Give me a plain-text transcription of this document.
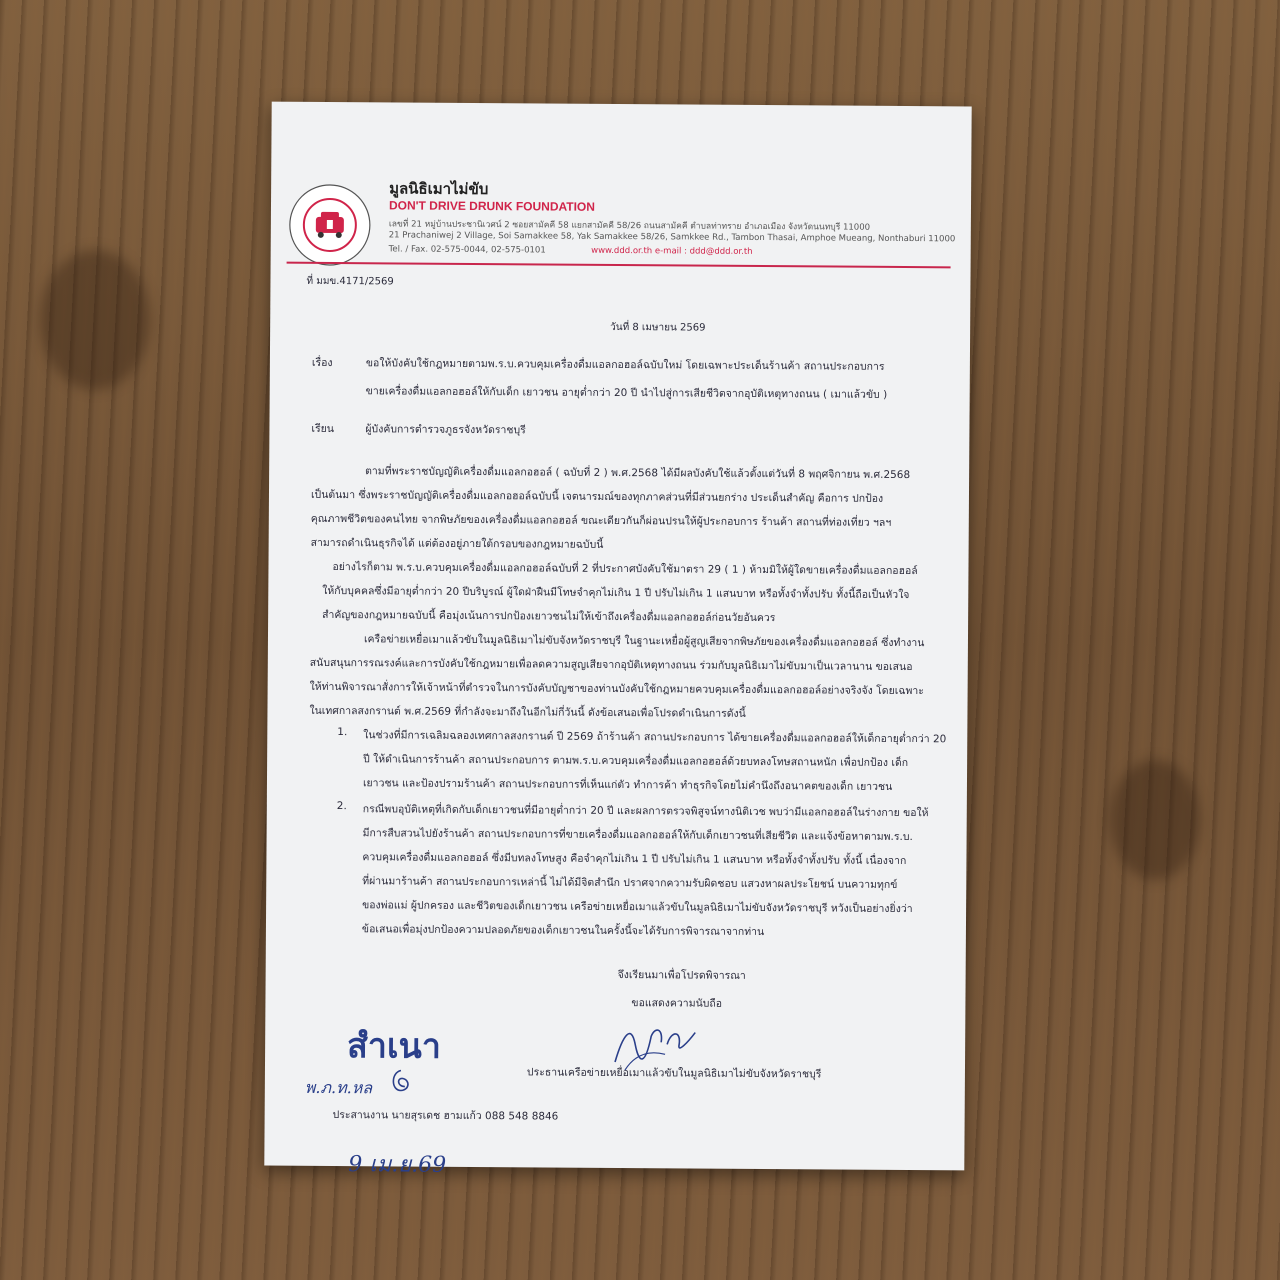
มูลนิธิเมาไม่ขับ
DON'T DRIVE DRUNK FOUNDATION
เลขที่ 21 หมู่บ้านประชานิเวศน์ 2 ซอยสามัคคี 58 แยกสามัคคี 58/26 ถนนสามัคคี ตำบลท่าทราย อำเภอเมือง จังหวัดนนทบุรี 11000
21 Prachaniwej 2 Village, Soi Samakkee 58, Yak Samakkee 58/26, Samkkee Rd., Tambon Thasai, Amphoe Mueang, Nonthaburi 11000
Tel. / Fax. 02-575-0044, 02-575-0101	www.ddd.or.th e-mail : ddd@ddd.or.th
ที่ มมข.4171/2569
วันที่ 8 เมษายน 2569
เรื่อง	ขอให้บังคับใช้กฎหมายตามพ.ร.บ.ควบคุมเครื่องดื่มแอลกอฮอล์ฉบับใหม่ โดยเฉพาะประเด็นร้านค้า สถานประกอบการ
ขายเครื่องดื่มแอลกอฮอล์ให้กับเด็ก เยาวชน อายุต่ำกว่า 20 ปี นำไปสู่การเสียชีวิตจากอุบัติเหตุทางถนน ( เมาแล้วขับ )
เรียน	ผู้บังคับการตำรวจภูธรจังหวัดราชบุรี
ตามที่พระราชบัญญัติเครื่องดื่มแอลกอฮอล์ ( ฉบับที่ 2 ) พ.ศ.2568 ได้มีผลบังคับใช้แล้วตั้งแต่วันที่ 8 พฤศจิกายน พ.ศ.2568
เป็นต้นมา ซึ่งพระราชบัญญัติเครื่องดื่มแอลกอฮอล์ฉบับนี้ เจตนารมณ์ของทุกภาคส่วนที่มีส่วนยกร่าง ประเด็นสำคัญ คือการ ปกป้อง
คุณภาพชีวิตของคนไทย จากพิษภัยของเครื่องดื่มแอลกอฮอล์ ขณะเดียวกันก็ผ่อนปรนให้ผู้ประกอบการ ร้านค้า สถานที่ท่องเที่ยว ฯลฯ
สามารถดำเนินธุรกิจได้ แต่ต้องอยู่ภายใต้กรอบของกฎหมายฉบับนี้
อย่างไรก็ตาม พ.ร.บ.ควบคุมเครื่องดื่มแอลกอฮอล์ฉบับที่ 2 ที่ประกาศบังคับใช้มาตรา 29 ( 1 ) ห้ามมิให้ผู้ใดขายเครื่องดื่มแอลกอฮอล์
ให้กับบุคคลซึ่งมีอายุต่ำกว่า 20 ปีบริบูรณ์ ผู้ใดฝ่าฝืนมีโทษจำคุกไม่เกิน 1 ปี ปรับไม่เกิน 1 แสนบาท หรือทั้งจำทั้งปรับ ทั้งนี้ถือเป็นหัวใจ
สำคัญของกฎหมายฉบับนี้ คือมุ่งเน้นการปกป้องเยาวชนไม่ให้เข้าถึงเครื่องดื่มแอลกอฮอล์ก่อนวัยอันควร
เครือข่ายเหยื่อเมาแล้วขับในมูลนิธิเมาไม่ขับจังหวัดราชบุรี ในฐานะเหยื่อผู้สูญเสียจากพิษภัยของเครื่องดื่มแอลกอฮอล์ ซึ่งทำงาน
สนับสนุนการรณรงค์และการบังคับใช้กฎหมายเพื่อลดความสูญเสียจากอุบัติเหตุทางถนน ร่วมกับมูลนิธิเมาไม่ขับมาเป็นเวลานาน ขอเสนอ
ให้ท่านพิจารณาสั่งการให้เจ้าหน้าที่ตำรวจในการบังคับบัญชาของท่านบังคับใช้กฎหมายควบคุมเครื่องดื่มแอลกอฮอล์อย่างจริงจัง โดยเฉพาะ
ในเทศกาลสงกรานต์ พ.ศ.2569 ที่กำลังจะมาถึงในอีกไม่กี่วันนี้ ดังข้อเสนอเพื่อโปรดดำเนินการดังนี้
1. ในช่วงที่มีการเฉลิมฉลองเทศกาลสงกรานต์ ปี 2569 ถ้าร้านค้า สถานประกอบการ ได้ขายเครื่องดื่มแอลกอฮอล์ให้เด็กอายุต่ำกว่า 20
ปี ให้ดำเนินการร้านค้า สถานประกอบการ ตามพ.ร.บ.ควบคุมเครื่องดื่มแอลกอฮอล์ด้วยบทลงโทษสถานหนัก เพื่อปกป้อง เด็ก
เยาวชน และป้องปรามร้านค้า สถานประกอบการที่เห็นแก่ตัว ทำการค้า ทำธุรกิจโดยไม่คำนึงถึงอนาคตของเด็ก เยาวชน
2. กรณีพบอุบัติเหตุที่เกิดกับเด็กเยาวชนที่มีอายุต่ำกว่า 20 ปี และผลการตรวจพิสูจน์ทางนิติเวช พบว่ามีแอลกอฮอล์ในร่างกาย ขอให้
มีการสืบสวนไปยังร้านค้า สถานประกอบการที่ขายเครื่องดื่มแอลกอฮอล์ให้กับเด็กเยาวชนที่เสียชีวิต และแจ้งข้อหาตามพ.ร.บ.
ควบคุมเครื่องดื่มแอลกอฮอล์ ซึ่งมีบทลงโทษสูง คือจำคุกไม่เกิน 1 ปี ปรับไม่เกิน 1 แสนบาท หรือทั้งจำทั้งปรับ ทั้งนี้ เนื่องจาก
ที่ผ่านมาร้านค้า สถานประกอบการเหล่านี้ ไม่ได้มีจิตสำนึก ปราศจากความรับผิดชอบ แสวงหาผลประโยชน์ บนความทุกข์
ของพ่อแม่ ผู้ปกครอง และชีวิตของเด็กเยาวชน เครือข่ายเหยื่อเมาแล้วขับในมูลนิธิเมาไม่ขับจังหวัดราชบุรี หวังเป็นอย่างยิ่งว่า
ข้อเสนอเพื่อมุ่งปกป้องความปลอดภัยของเด็กเยาวชนในครั้งนี้จะได้รับการพิจารณาจากท่าน
จึงเรียนมาเพื่อโปรดพิจารณา
ขอแสดงความนับถือ
ประธานเครือข่ายเหยื่อเมาแล้วขับในมูลนิธิเมาไม่ขับจังหวัดราชบุรี
สำเนา
พ.ภ.ท.หล
ประสานงาน นายสุรเดช ฮามแก้ว 088 548 8846
9 เม.ย.69
